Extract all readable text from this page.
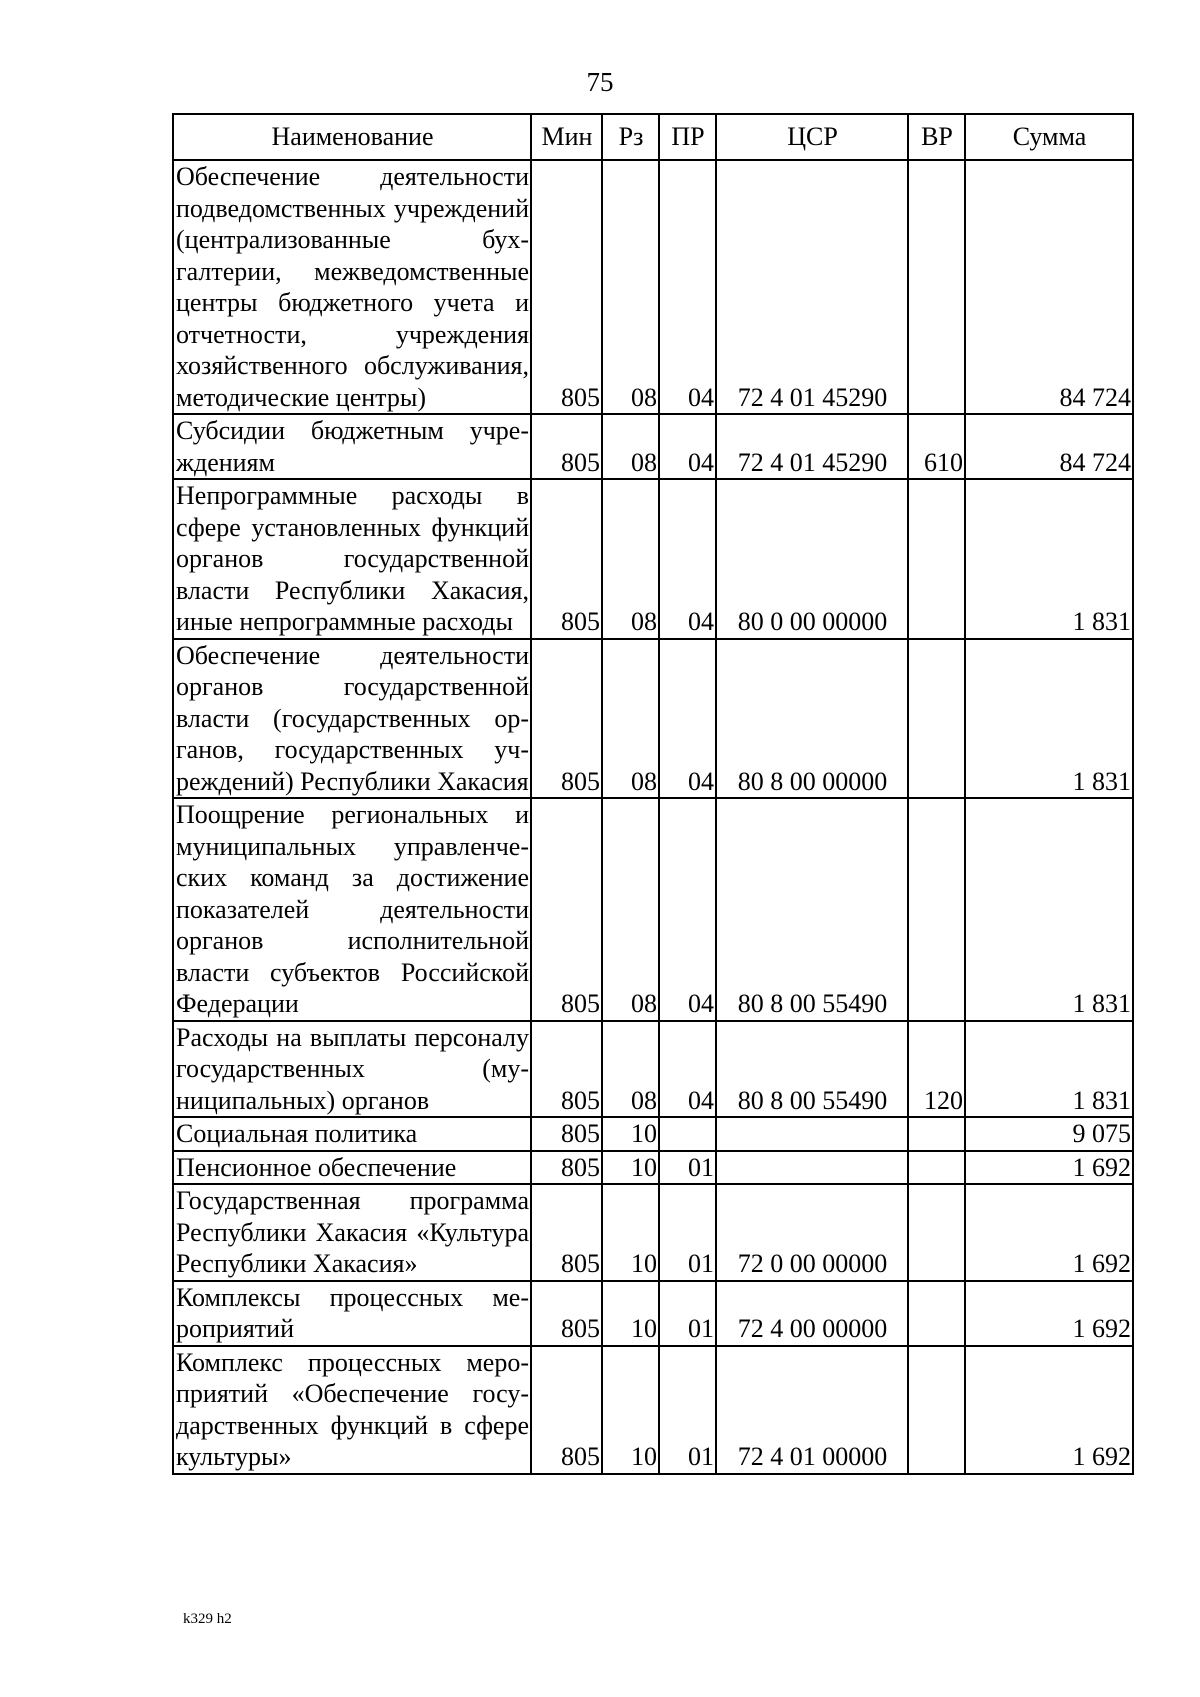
75
Наименование	Мин	Рз	ПР	ЦСР	ВР	Сумма
Обеспечение деятельности подведомственных учреждений (централизованные бухгалтерии, межведомственные центры бюджетного учета и отчетности, учреждения хозяйственного обслуживания, методические центры)	805	08	04	72 4 01 45290		84 724
Субсидии бюджетным учреждениям	805	08	04	72 4 01 45290	610	84 724
Непрограммные расходы в сфере установленных функций органов государственной власти Республики Хакасия, иные непрограммные расходы	805	08	04	80 0 00 00000		1 831
Обеспечение деятельности органов государственной власти (государственных органов, государственных учреждений) Республики Хакасия	805	08	04	80 8 00 00000		1 831
Поощрение региональных и муниципальных управленческих команд за достижение показателей деятельности органов исполнительной власти субъектов Российской Федерации	805	08	04	80 8 00 55490		1 831
Расходы на выплаты персоналу государственных (муниципальных) органов	805	08	04	80 8 00 55490	120	1 831
Социальная политика	805	10				9 075
Пенсионное обеспечение	805	10	01			1 692
Государственная программа Республики Хакасия «Культура Республики Хакасия»	805	10	01	72 0 00 00000		1 692
Комплексы процессных мероприятий	805	10	01	72 4 00 00000		1 692
Комплекс процессных мероприятий «Обеспечение государственных функций в сфере культуры»	805	10	01	72 4 01 00000		1 692
k329 h2
